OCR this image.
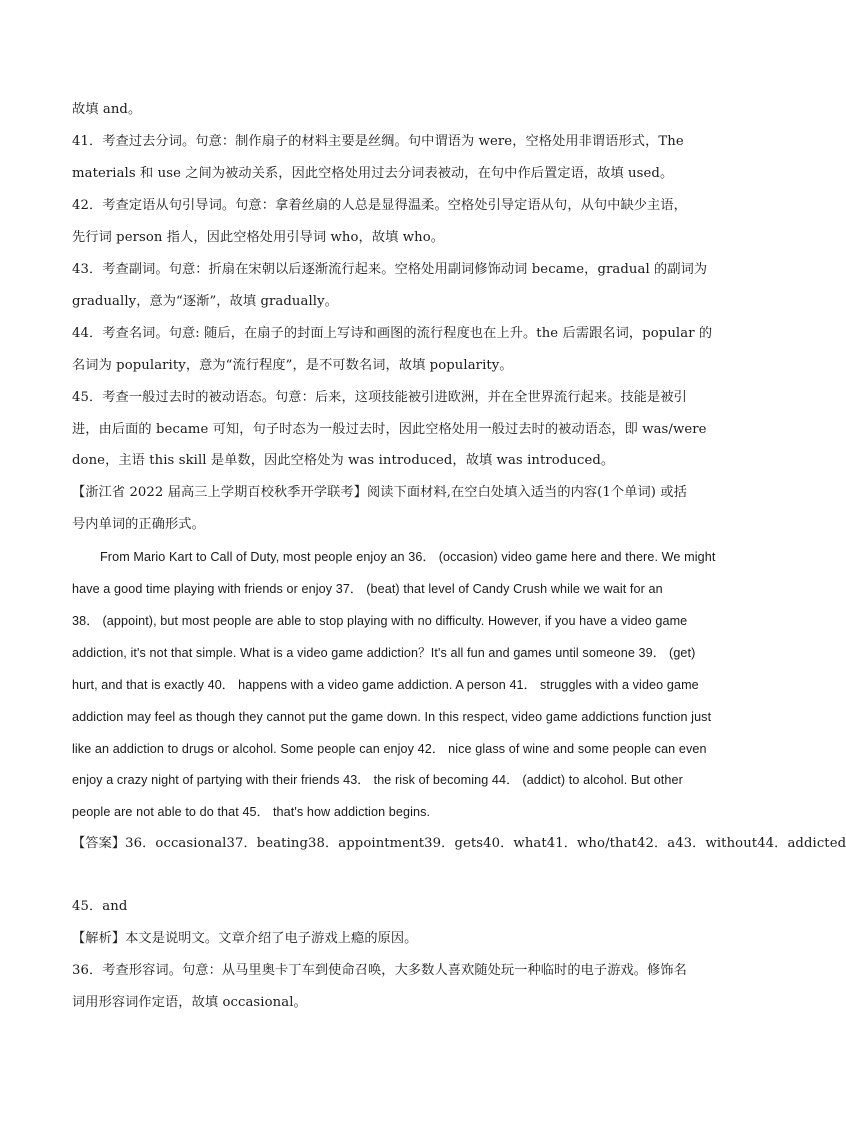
故填 and。
41．考查过去分词。句意：制作扇子的材料主要是丝绸。句中谓语为 were，空格处用非谓语形式，The
materials 和 use 之间为被动关系，因此空格处用过去分词表被动，在句中作后置定语，故填 used。
42．考查定语从句引导词。句意：拿着丝扇的人总是显得温柔。空格处引导定语从句，从句中缺少主语，
先行词 person 指人，因此空格处用引导词 who，故填 who。
43．考查副词。句意：折扇在宋朝以后逐渐流行起来。空格处用副词修饰动词 became，gradual 的副词为
gradually，意为“逐渐”，故填 gradually。
44．考查名词。句意: 随后，在扇子的封面上写诗和画图的流行程度也在上升。the 后需跟名词，popular 的
名词为 popularity，意为“流行程度”，是不可数名词，故填 popularity。
45．考查一般过去时的被动语态。句意：后来，这项技能被引进欧洲，并在全世界流行起来。技能是被引
进，由后面的 became 可知，句子时态为一般过去时，因此空格处用一般过去时的被动语态，即 was/were
done，主语 this skill 是单数，因此空格处为 was introduced，故填 was introduced。
【浙江省 2022 届高三上学期百校秋季开学联考】阅读下面材料,在空白处填入适当的内容(1个单词) 或括
号内单词的正确形式。
From Mario Kart to Call of Duty, most people enjoy an 36． (occasion) video game here and there. We might
have a good time playing with friends or enjoy 37． (beat) that level of Candy Crush while we wait for an
38． (appoint), but most people are able to stop playing with no difficulty. However, if you have a video game
addiction, it's not that simple. What is a video game addiction？It's all fun and games until someone 39． (get)
hurt, and that is exactly 40． happens with a video game addiction. A person 41． struggles with a video game
addiction may feel as though they cannot put the game down. In this respect, video game addictions function just
like an addiction to drugs or alcohol. Some people can enjoy 42． nice glass of wine and some people can even
enjoy a crazy night of partying with their friends 43． the risk of becoming 44． (addict) to alcohol. But other
people are not able to do that 45． that's how addiction begins.
【答案】36．occasional37．beating38．appointment39．gets40．what41．who/that42．a43．without44．addicted
45．and
【解析】本文是说明文。文章介绍了电子游戏上瘾的原因。
36．考查形容词。句意：从马里奥卡丁车到使命召唤，大多数人喜欢随处玩一种临时的电子游戏。修饰名
词用形容词作定语，故填 occasional。
